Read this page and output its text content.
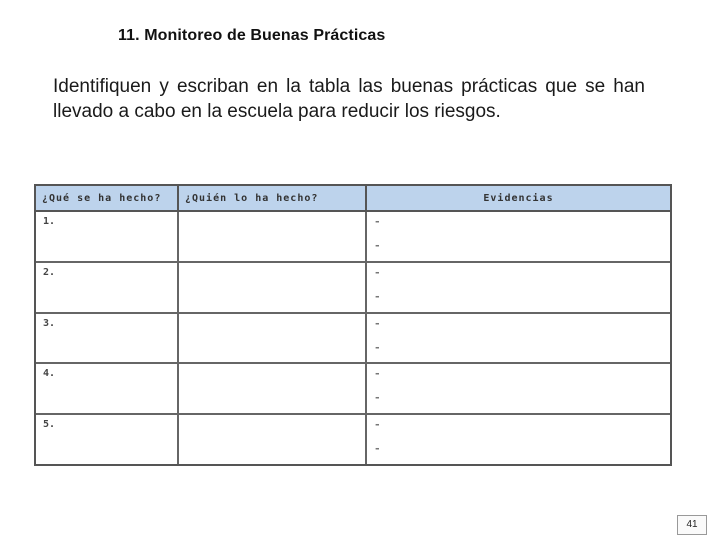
11. Monitoreo de Buenas Prácticas
Identifiquen y escriban en la tabla las buenas prácticas que se han llevado a cabo en la escuela para reducir los riesgos.
¿Qué se ha hecho?	¿Quién lo ha hecho?	Evidencias
1.		-
-

2.		-
-

3.		-
-

4.		-
-

5.		-
-
41
